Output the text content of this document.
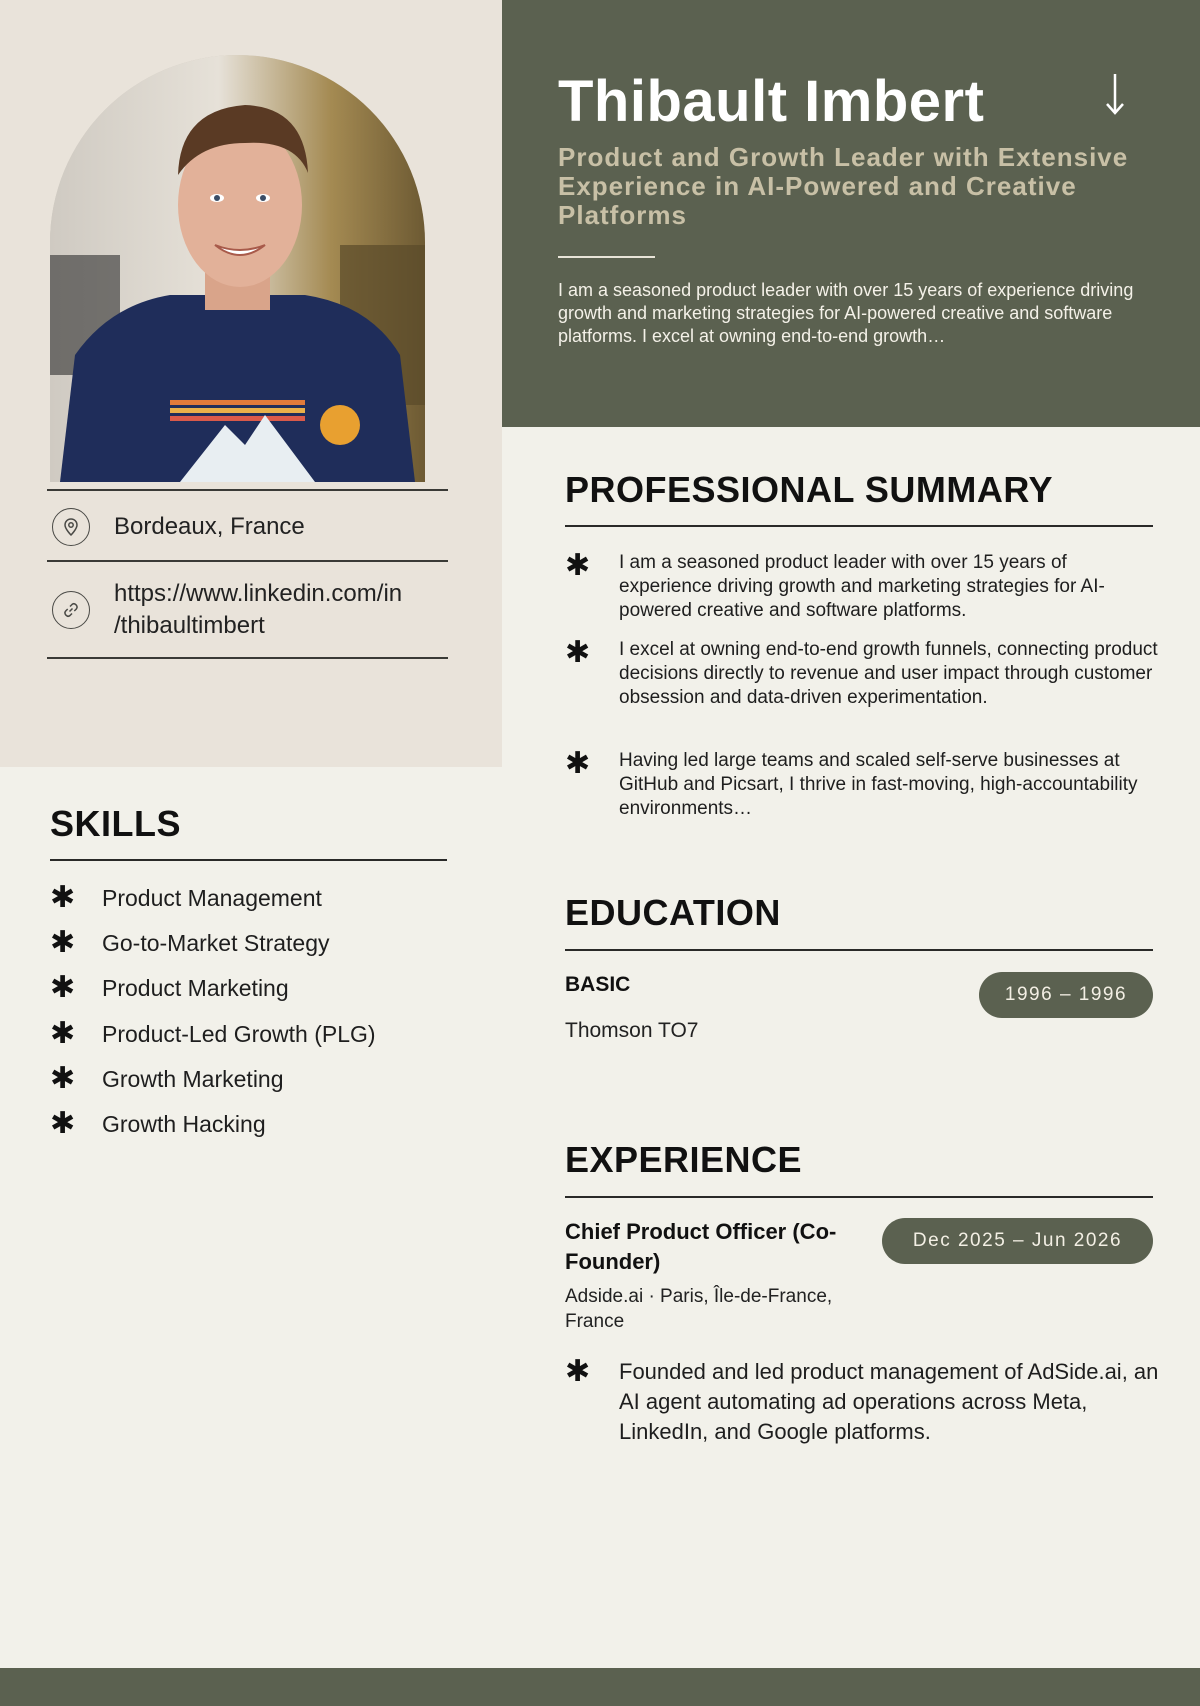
Bordeaux, France
https://www.linkedin.com/in
/thibaultimbert
Thibault Imbert
Product and Growth Leader with Extensive Experience in AI-Powered and Creative Platforms
I am a seasoned product leader with over 15 years of experience driving growth and marketing strategies for AI-powered creative and software platforms. I excel at owning end-to-end growth…
SKILLS
✱ Product Management
✱ Go-to-Market Strategy
✱ Product Marketing
✱ Product-Led Growth (PLG)
✱ Growth Marketing
✱ Growth Hacking
PROFESSIONAL SUMMARY
✱ I am a seasoned product leader with over 15 years of experience driving growth and marketing strategies for AI-powered creative and software platforms.
✱ I excel at owning end-to-end growth funnels, connecting product decisions directly to revenue and user impact through customer obsession and data-driven experimentation.
✱ Having led large teams and scaled self-serve businesses at GitHub and Picsart, I thrive in fast-moving, high-accountability environments…
EDUCATION
BASIC	1996 – 1996
Thomson TO7
EXPERIENCE
Chief Product Officer (Co-Founder)
Dec 2025 – Jun 2026
Adside.ai · Paris, Île-de-France, France
✱ Founded and led product management of AdSide.ai, an AI agent automating ad operations across Meta, LinkedIn, and Google platforms.
